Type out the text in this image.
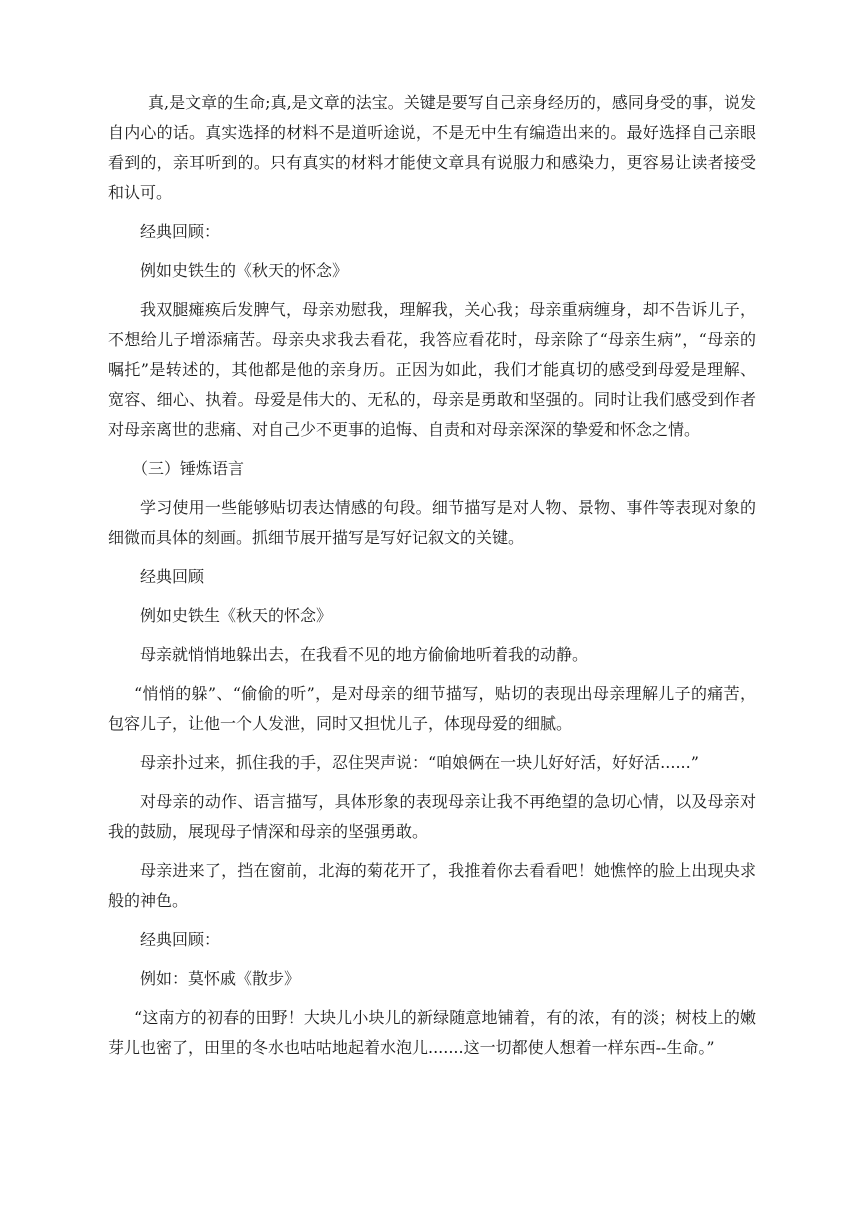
真,是文章的生命;真,是文章的法宝。关键是要写自己亲身经历的，感同身受的事，说发自内心的话。真实选择的材料不是道听途说，不是无中生有编造出来的。最好选择自己亲眼看到的，亲耳听到的。只有真实的材料才能使文章具有说服力和感染力，更容易让读者接受和认可。

经典回顾：

例如史铁生的《秋天的怀念》

我双腿瘫痪后发脾气，母亲劝慰我，理解我，关心我；母亲重病缠身，却不告诉儿子，不想给儿子增添痛苦。母亲央求我去看花，我答应看花时，母亲除了“母亲生病”，“母亲的嘱托”是转述的，其他都是他的亲身历。正因为如此，我们才能真切的感受到母爱是理解、宽容、细心、执着。母爱是伟大的、无私的，母亲是勇敢和坚强的。同时让我们感受到作者对母亲离世的悲痛、对自己少不更事的追悔、自责和对母亲深深的挚爱和怀念之情。

（三）锤炼语言

学习使用一些能够贴切表达情感的句段。细节描写是对人物、景物、事件等表现对象的细微而具体的刻画。抓细节展开描写是写好记叙文的关键。

经典回顾

例如史铁生《秋天的怀念》

母亲就悄悄地躲出去，在我看不见的地方偷偷地听着我的动静。

“悄悄的躲”、“偷偷的听”，是对母亲的细节描写，贴切的表现出母亲理解儿子的痛苦，包容儿子，让他一个人发泄，同时又担忧儿子，体现母爱的细腻。

母亲扑过来，抓住我的手，忍住哭声说：“咱娘俩在一块儿好好活，好好活......”

对母亲的动作、语言描写，具体形象的表现母亲让我不再绝望的急切心情，以及母亲对我的鼓励，展现母子情深和母亲的坚强勇敢。

母亲进来了，挡在窗前，北海的菊花开了，我推着你去看看吧！她憔悴的脸上出现央求般的神色。

经典回顾：

例如：莫怀戚《散步》

“这南方的初春的田野！大块儿小块儿的新绿随意地铺着，有的浓，有的淡；树枝上的嫩芽儿也密了，田里的冬水也咕咕地起着水泡儿.......这一切都使人想着一样东西--生命。”
